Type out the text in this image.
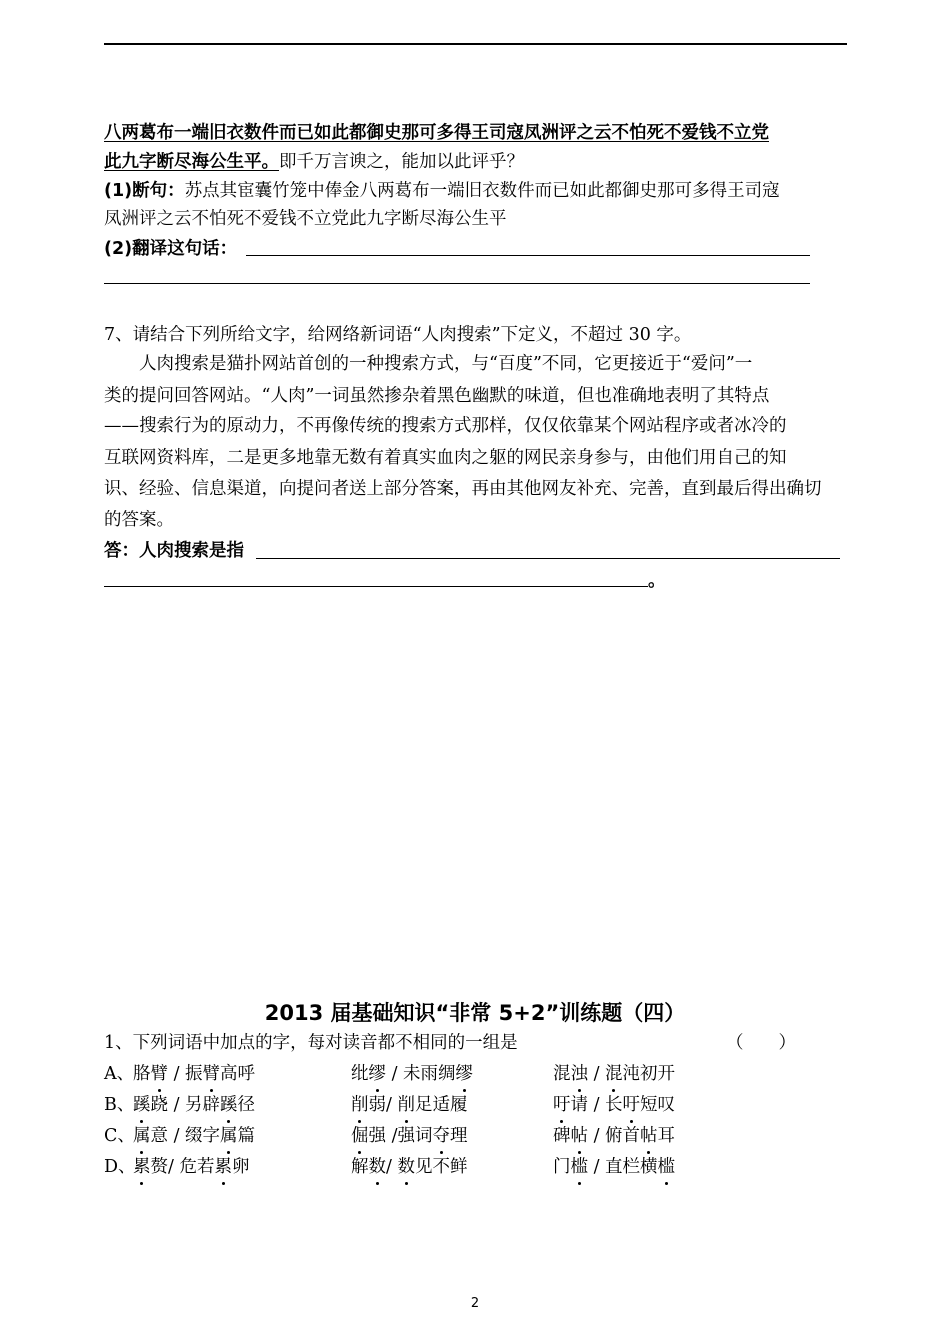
八两葛布一端旧衣数件而已如此都御史那可多得王司寇凤洲评之云不怕死不爱钱不立党
此九字断尽海公生平。即千万言谀之，能加以此评乎？
(1)断句：苏点其宦囊竹笼中俸金八两葛布一端旧衣数件而已如此都御史那可多得王司寇
凤洲评之云不怕死不爱钱不立党此九字断尽海公生平
(2)翻译这句话：
7、请结合下列所给文字，给网络新词语“人肉搜索”下定义，不超过 30 字。
人肉搜索是猫扑网站首创的一种搜索方式，与“百度”不同，它更接近于“爱问”一
类的提问回答网站。“人肉”一词虽然掺杂着黑色幽默的味道，但也准确地表明了其特点
——搜索行为的原动力，不再像传统的搜索方式那样，仅仅依靠某个网站程序或者冰冷的
互联网资料库，二是更多地靠无数有着真实血肉之躯的网民亲身参与，由他们用自己的知
识、经验、信息渠道，向提问者送上部分答案，再由其他网友补充、完善，直到最后得出确切
的答案。
答：人肉搜索是指
。
2013 届基础知识“非常 5+2”训练题（四）
1、下列词语中加点的字，每对读音都不相同的一组是	（　　）
A、
胳臂 / 振臂高呼	纰缪 / 未雨绸缪	混浊 / 混沌初开
B、
蹊跷 / 另辟蹊径	削弱/ 削足适履	吁请 / 长吁短叹
C、
属意 / 缀字属篇	倔强 /强词夺理	碑帖 / 俯首帖耳
D、
累赘/ 危若累卵	解数/ 数见不鲜	门槛 / 直栏横槛
2
